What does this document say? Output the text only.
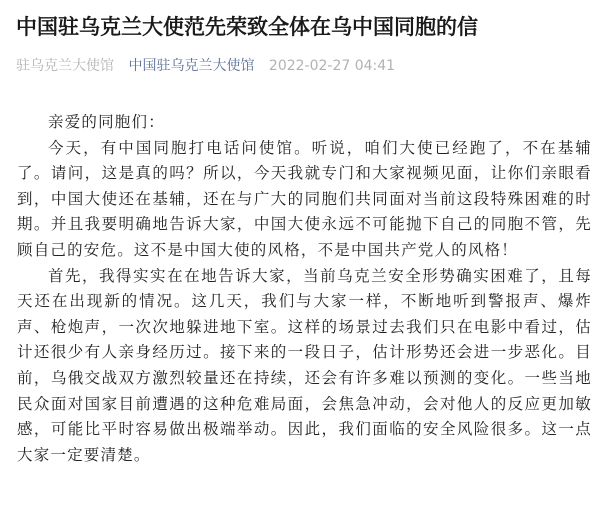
中国驻乌克兰大使范先荣致全体在乌中国同胞的信
驻乌克兰大使馆 中国驻乌克兰大使馆 2022-02-27 04:41

亲爱的同胞们：

今天，有中国同胞打电话问使馆。听说，咱们大使已经跑了，不在基辅了。请问，这是真的吗？所以，今天我就专门和大家视频见面，让你们亲眼看到，中国大使还在基辅，还在与广大的同胞们共同面对当前这段特殊困难的时期。并且我要明确地告诉大家，中国大使永远不可能抛下自己的同胞不管，先顾自己的安危。这不是中国大使的风格，不是中国共产党人的风格！

首先，我得实实在在地告诉大家，当前乌克兰安全形势确实困难了，且每天还在出现新的情况。这几天，我们与大家一样，不断地听到警报声、爆炸声、枪炮声，一次次地躲进地下室。这样的场景过去我们只在电影中看过，估计还很少有人亲身经历过。接下来的一段日子，估计形势还会进一步恶化。目前，乌俄交战双方激烈较量还在持续，还会有许多难以预测的变化。一些当地民众面对国家目前遭遇的这种危难局面，会焦急冲动，会对他人的反应更加敏感，可能比平时容易做出极端举动。因此，我们面临的安全风险很多。这一点大家一定要清楚。
